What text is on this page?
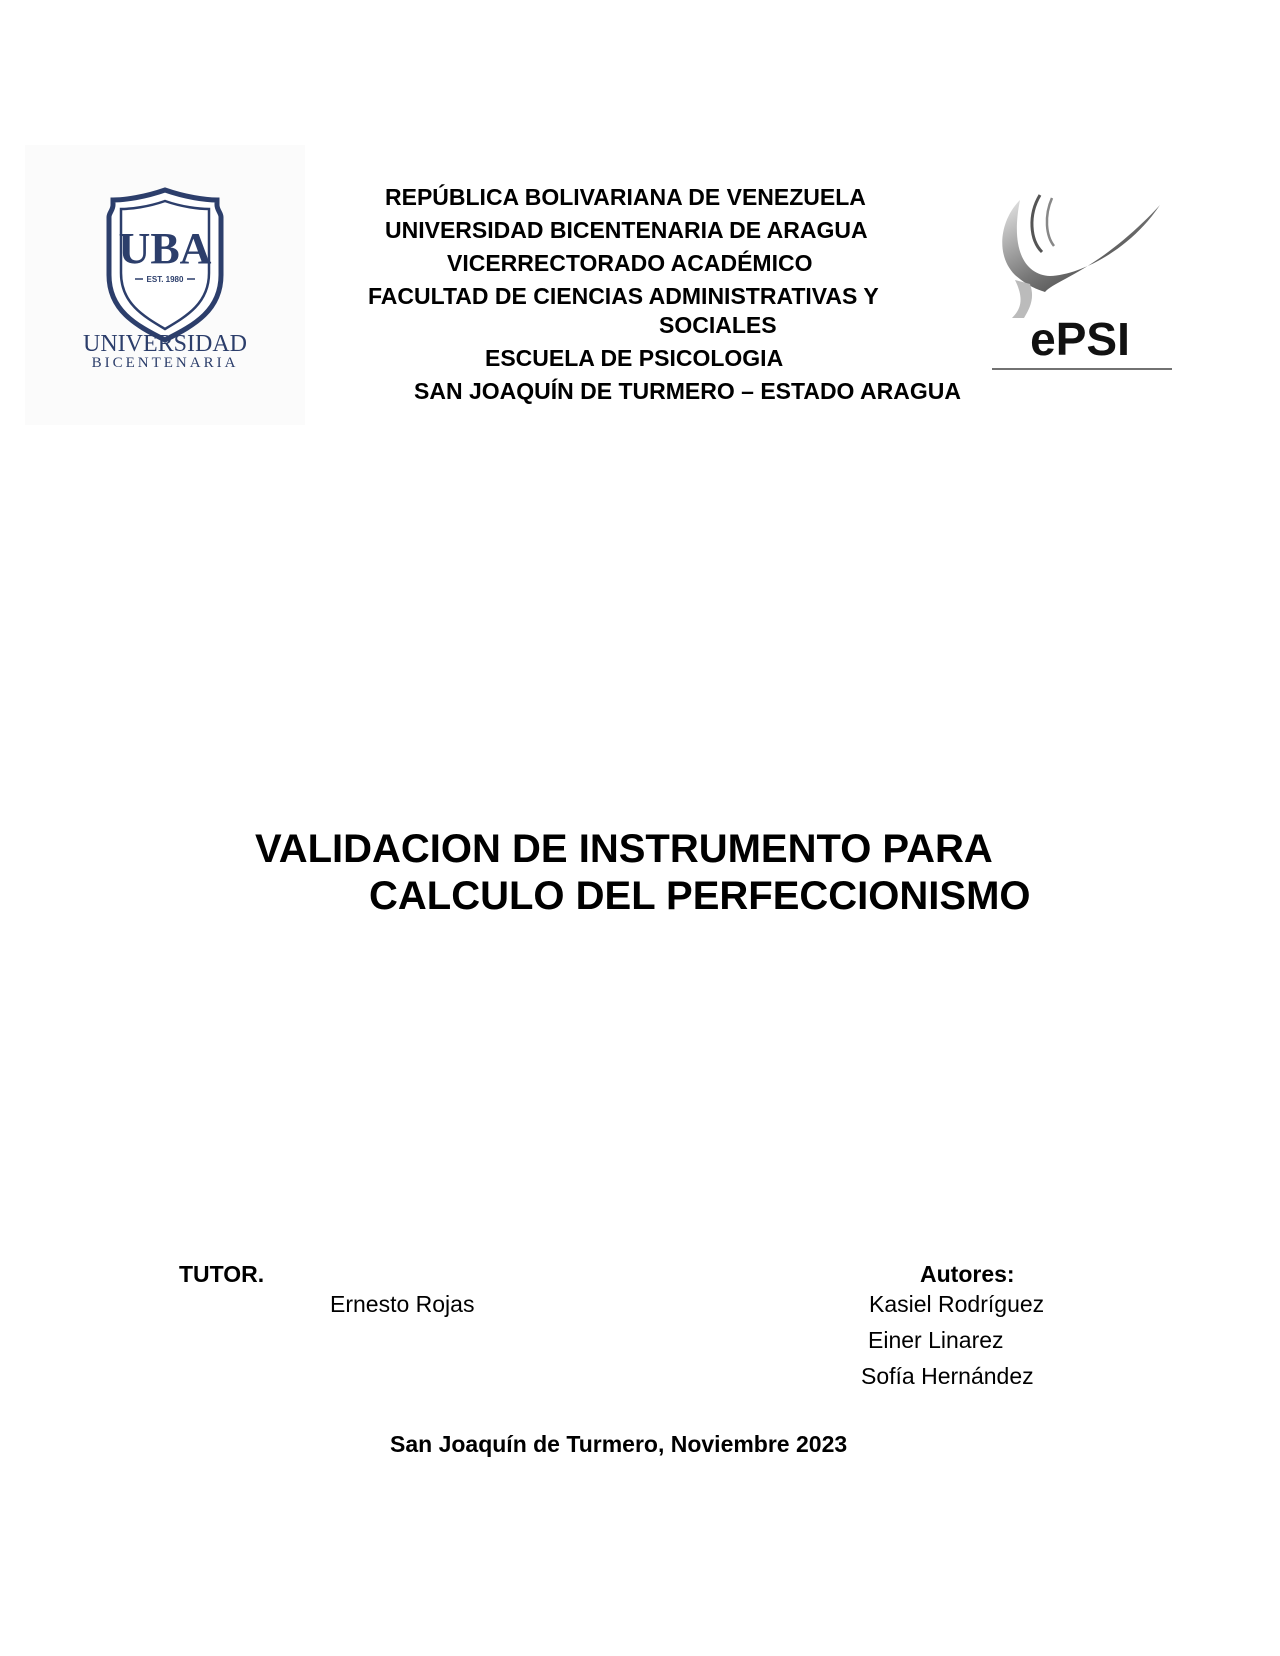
UBA
EST. 1980
UNIVERSIDAD
BICENTENARIA	ePSI
REPÚBLICA BOLIVARIANA DE VENEZUELA
UNIVERSIDAD BICENTENARIA DE ARAGUA
VICERRECTORADO ACADÉMICO
FACULTAD DE CIENCIAS ADMINISTRATIVAS Y
SOCIALES
ESCUELA DE PSICOLOGIA
SAN JOAQUÍN DE TURMERO – ESTADO ARAGUA
VALIDACION DE INSTRUMENTO PARA
CALCULO DEL PERFECCIONISMO
TUTOR.
Ernesto Rojas
Autores:
Kasiel Rodríguez
Einer Linarez
Sofía Hernández
San Joaquín de Turmero, Noviembre 2023
